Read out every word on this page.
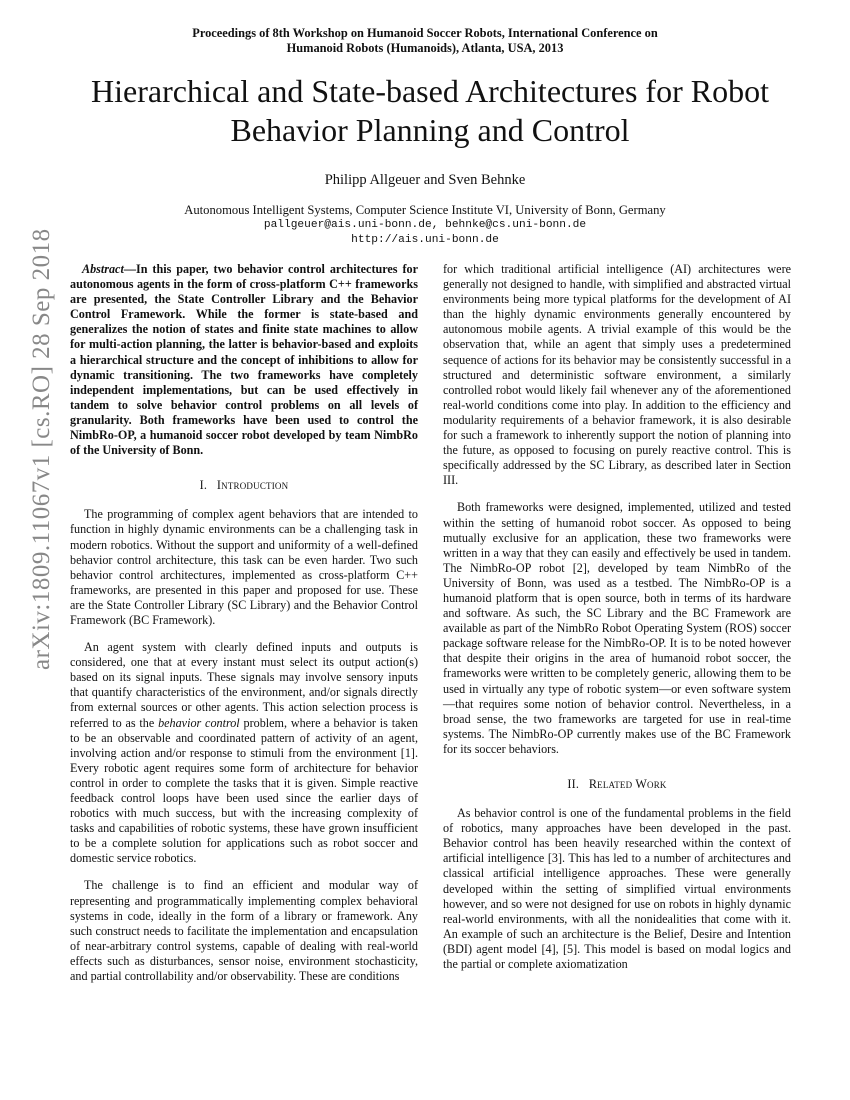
arXiv:1809.11067v1 [cs.RO] 28 Sep 2018
Proceedings of 8th Workshop on Humanoid Soccer Robots, International Conference on
Humanoid Robots (Humanoids), Atlanta, USA, 2013
Hierarchical and State-based Architectures for Robot
Behavior Planning and Control
Philipp Allgeuer and Sven Behnke
Autonomous Intelligent Systems, Computer Science Institute VI, University of Bonn, Germany
pallgeuer@ais.uni-bonn.de, behnke@cs.uni-bonn.de
http://ais.uni-bonn.de

Abstract—In this paper, two behavior control architectures for autonomous agents in the form of cross-platform C++ frameworks are presented, the State Controller Library and the Behavior Control Framework. While the former is state-based and generalizes the notion of states and finite state machines to allow for multi-action planning, the latter is behavior-based and exploits a hierarchical structure and the concept of inhibitions to allow for dynamic transitioning. The two frameworks have completely independent implementations, but can be used effectively in tandem to solve behavior control problems on all levels of granularity. Both frameworks have been used to control the NimbRo-OP, a humanoid soccer robot developed by team NimbRo of the University of Bonn.

I. Introduction

The programming of complex agent behaviors that are intended to function in highly dynamic environments can be a challenging task in modern robotics. Without the support and uniformity of a well-defined behavior control architecture, this task can be even harder. Two such behavior control architectures, implemented as cross-platform C++ frameworks, are presented in this paper and proposed for use. These are the State Controller Library (SC Library) and the Behavior Control Framework (BC Framework).

An agent system with clearly defined inputs and outputs is considered, one that at every instant must select its output action(s) based on its signal inputs. These signals may involve sensory inputs that quantify characteristics of the environment, and/or signals directly from external sources or other agents. This action selection process is referred to as the behavior control problem, where a behavior is taken to be an observable and coordinated pattern of activity of an agent, involving action and/or response to stimuli from the environment [1]. Every robotic agent requires some form of architecture for behavior control in order to complete the tasks that it is given. Simple reactive feedback control loops have been used since the earlier days of robotics with much success, but with the increasing complexity of tasks and capabilities of robotic systems, these have grown insufficient to be a complete solution for applications such as robot soccer and domestic service robotics.

The challenge is to find an efficient and modular way of representing and programmatically implementing complex behavioral systems in code, ideally in the form of a library or framework. Any such construct needs to facilitate the implementation and encapsulation of near-arbitrary control systems, capable of dealing with real-world effects such as disturbances, sensor noise, environment stochasticity, and partial controllability and/or observability. These are conditions

for which traditional artificial intelligence (AI) architectures were generally not designed to handle, with simplified and abstracted virtual environments being more typical platforms for the development of AI than the highly dynamic environments generally encountered by autonomous mobile agents. A trivial example of this would be the observation that, while an agent that simply uses a predetermined sequence of actions for its behavior may be consistently successful in a structured and deterministic software environment, a similarly controlled robot would likely fail whenever any of the aforementioned real-world conditions come into play. In addition to the efficiency and modularity requirements of a behavior framework, it is also desirable for such a framework to inherently support the notion of planning into the future, as opposed to focusing on purely reactive control. This is specifically addressed by the SC Library, as described later in Section III.

Both frameworks were designed, implemented, utilized and tested within the setting of humanoid robot soccer. As opposed to being mutually exclusive for an application, these two frameworks were written in a way that they can easily and effectively be used in tandem. The NimbRo-OP robot [2], developed by team NimbRo of the University of Bonn, was used as a testbed. The NimbRo-OP is a humanoid platform that is open source, both in terms of its hardware and software. As such, the SC Library and the BC Framework are available as part of the NimbRo Robot Operating System (ROS) soccer package software release for the NimbRo-OP. It is to be noted however that despite their origins in the area of humanoid robot soccer, the frameworks were written to be completely generic, allowing them to be used in virtually any type of robotic system—or even software system—that requires some notion of behavior control. Nevertheless, in a broad sense, the two frameworks are targeted for use in real-time systems. The NimbRo-OP currently makes use of the BC Framework for its soccer behaviors.

II. Related Work

As behavior control is one of the fundamental problems in the field of robotics, many approaches have been developed in the past. Behavior control has been heavily researched within the context of artificial intelligence [3]. This has led to a number of architectures and classical artificial intelligence approaches. These were generally developed within the setting of simplified virtual environments however, and so were not designed for use on robots in highly dynamic real-world environments, with all the nonidealities that come with it. An example of such an architecture is the Belief, Desire and Intention (BDI) agent model [4], [5]. This model is based on modal logics and the partial or complete axiomatization
